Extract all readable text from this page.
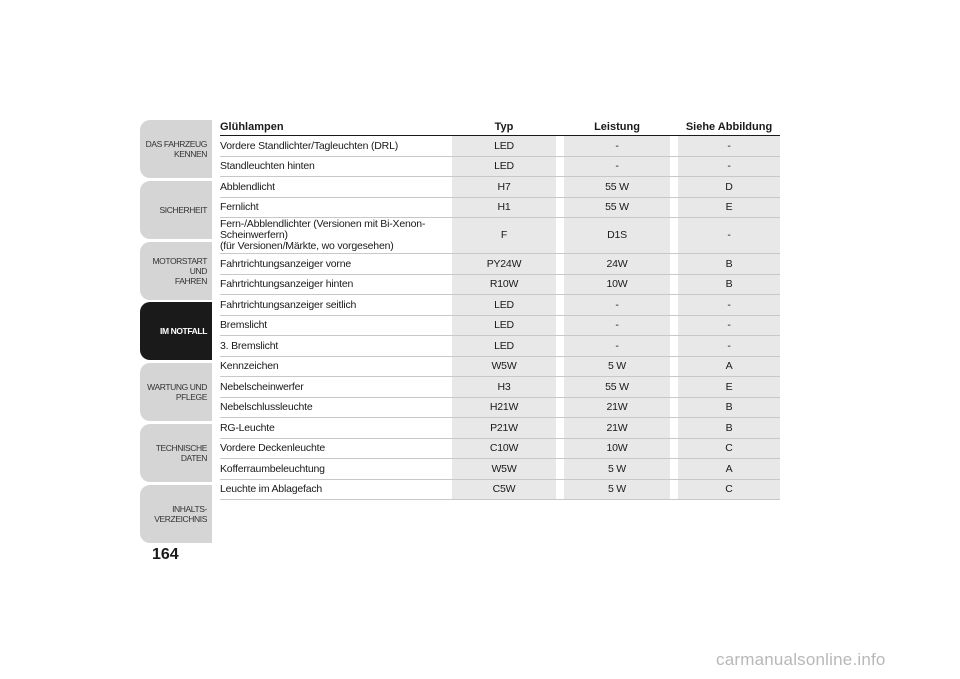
DAS FAHRZEUG
KENNEN
SICHERHEIT
MOTORSTART UND
FAHREN
IM NOTFALL
WARTUNG UND
PFLEGE
TECHNISCHE DATEN
INHALTS-
VERZEICHNIS
164
Glühlampen	Typ		Leistung		Siehe Abbildung
Vordere Standlichter/Tagleuchten (DRL)	LED		-		-
Standleuchten hinten	LED		-		-
Abblendlicht	H7		55 W		D
Fernlicht	H1		55 W		E

Fern-/Abblendlichter (Versionen mit Bi-Xenon-Scheinwerfern)
(für Versionen/Märkte, wo vorgesehen)	F		D1S		-
Fahrtrichtungsanzeiger vorne	PY24W		24W		B
Fahrtrichtungsanzeiger hinten	R10W		10W		B
Fahrtrichtungsanzeiger seitlich	LED		-		-
Bremslicht	LED		-		-
3. Bremslicht	LED		-		-
Kennzeichen	W5W		5 W		A
Nebelscheinwerfer	H3		55 W		E
Nebelschlussleuchte	H21W		21W		B
RG-Leuchte	P21W		21W		B
Vordere Deckenleuchte	C10W		10W		C
Kofferraumbeleuchtung	W5W		5 W		A
Leuchte im Ablagefach	C5W		5 W		C
carmanualsonline.info
